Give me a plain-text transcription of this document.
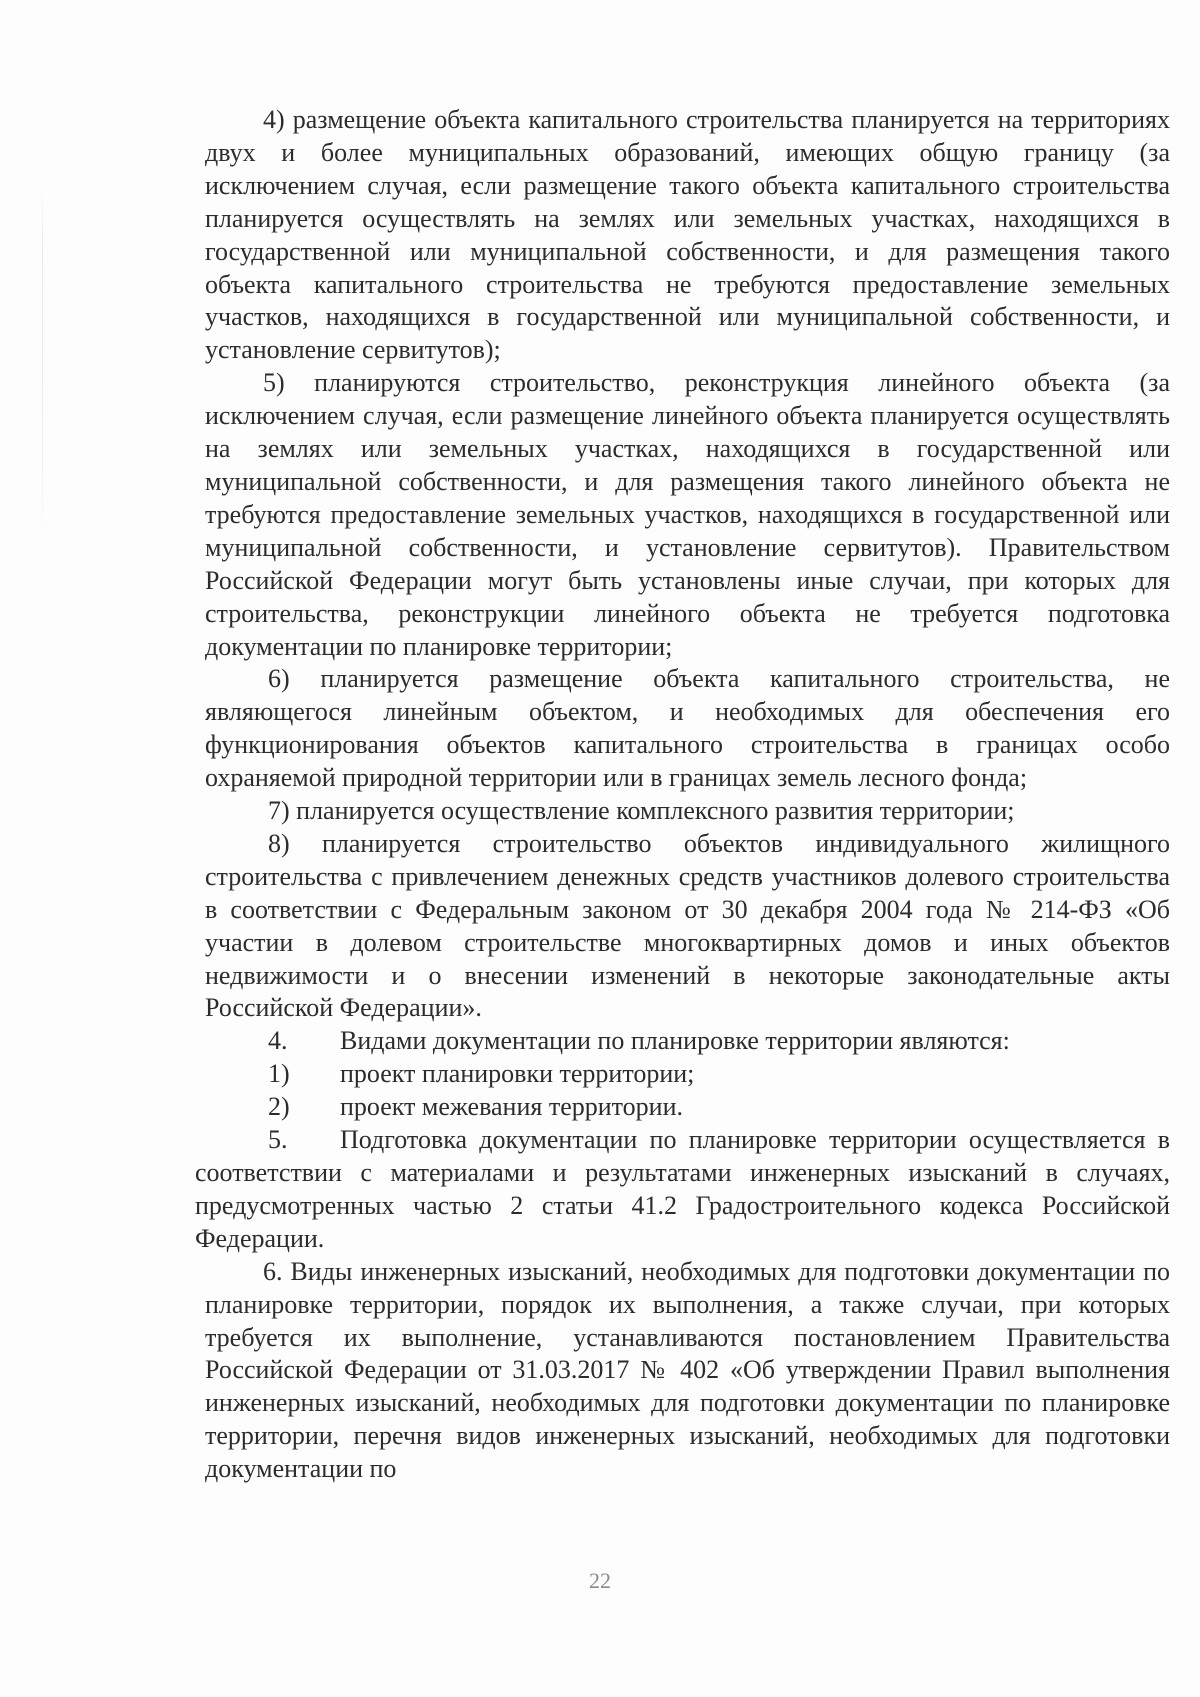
4) размещение объекта капитального строительства планируется на территориях двух и более муниципальных образований, имеющих общую границу (за исключением случая, если размещение такого объекта капитального строительства планируется осуществлять на землях или земельных участках, находящихся в государственной или муниципальной собственности, и для размещения такого объекта капитального строительства не требуются предоставление земельных участков, находящихся в государственной или муниципальной собственности, и установление сервитутов);

5) планируются строительство, реконструкция линейного объекта (за исключением случая, если размещение линейного объекта планируется осуществлять на землях или земельных участках, находящихся в государственной или муниципальной собственности, и для размещения такого линейного объекта не требуются предоставление земельных участков, находящихся в государственной или муниципальной собственности, и установление сервитутов). Правительством Российской Федерации могут быть установлены иные случаи, при которых для строительства, реконструкции линейного объекта не требуется подготовка документации по планировке территории;

6) планируется размещение объекта капитального строительства, не являющегося линейным объектом, и необходимых для обеспечения его функционирования объектов капитального строительства в границах особо охраняемой природной территории или в границах земель лесного фонда;

7) планируется осуществление комплексного развития территории;

8) планируется строительство объектов индивидуального жилищного строительства с привлечением денежных средств участников долевого строительства в соответствии с Федеральным законом от 30 декабря 2004 года № 214-ФЗ «Об участии в долевом строительстве многоквартирных домов и иных объектов недвижимости и о внесении изменений в некоторые законодательные акты Российской Федерации».

4.	Видами документации по планировке территории являются:
1)	проект планировки территории;
2)	проект межевания территории.

5. Подготовка документации по планировке территории осуществляется в соответствии с материалами и результатами инженерных изысканий в случаях, предусмотренных частью 2 статьи 41.2 Градостроительного кодекса Российской Федерации.

6. Виды инженерных изысканий, необходимых для подготовки документации по планировке территории, порядок их выполнения, а также случаи, при которых требуется их выполнение, устанавливаются постановлением Правительства Российской Федерации от 31.03.2017 № 402 «Об утверждении Правил выполнения инженерных изысканий, необходимых для подготовки документации по планировке территории, перечня видов инженерных изысканий, необходимых для подготовки документации по

22
